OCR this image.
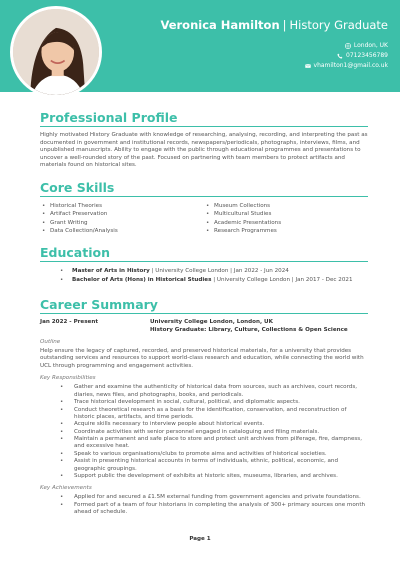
Veronica Hamilton | History Graduate
London, UK
07123456789
vhamilton1@gmail.co.uk
Professional Profile

Highly motivated History Graduate with knowledge of researching, analysing, recording, and interpreting the past as documented in government and institutional records, newspapers/periodicals, photographs, interviews, films, and unpublished manuscripts. Ability to engage with the public through educational programmes and presentations to uncover a well-rounded story of the past. Focused on partnering with team members to protect artifacts and materials found on historical sites.

Core Skills
• Historical Theories
• Artifact Preservation
• Grant Writing
• Data Collection/Analysis
• Museum Collections
• Multicultural Studies
• Academic Presentations
• Research Programmes
Education
• Master of Arts in History | University College London | Jan 2022 - Jun 2024
• Bachelor of Arts (Hons) in Historical Studies | University College London | Jan 2017 - Dec 2021
Career Summary
Jan 2022 - Present	University College London, London, UK
History Graduate: Library, Culture, Collections & Open Science
Outline

Help ensure the legacy of captured, recorded, and preserved historical materials, for a university that provides outstanding services and resources to support world-class research and education, while connecting the world with UCL through programming and engagement activities.

Key Responsibilities
• Gather and examine the authenticity of historical data from sources, such as archives, court records, diaries, news files, and photographs, books, and periodicals.
• Trace historical development in social, cultural, political, and diplomatic aspects.
• Conduct theoretical research as a basis for the identification, conservation, and reconstruction of historic places, artifacts, and time periods.
• Acquire skills necessary to interview people about historical events.
• Coordinate activities with senior personnel engaged in cataloguing and filing materials.
• Maintain a permanent and safe place to store and protect unit archives from pilferage, fire, dampness, and excessive heat.
• Speak to various organisations/clubs to promote aims and activities of historical societies.
• Assist in presenting historical accounts in terms of individuals, ethnic, political, economic, and geographic groupings.
• Support public the development of exhibits at historic sites, museums, libraries, and archives.
Key Achievements
• Applied for and secured a £1.5M external funding from government agencies and private foundations.
• Formed part of a team of four historians in completing the analysis of 300+ primary sources one month ahead of schedule.
Page 1
